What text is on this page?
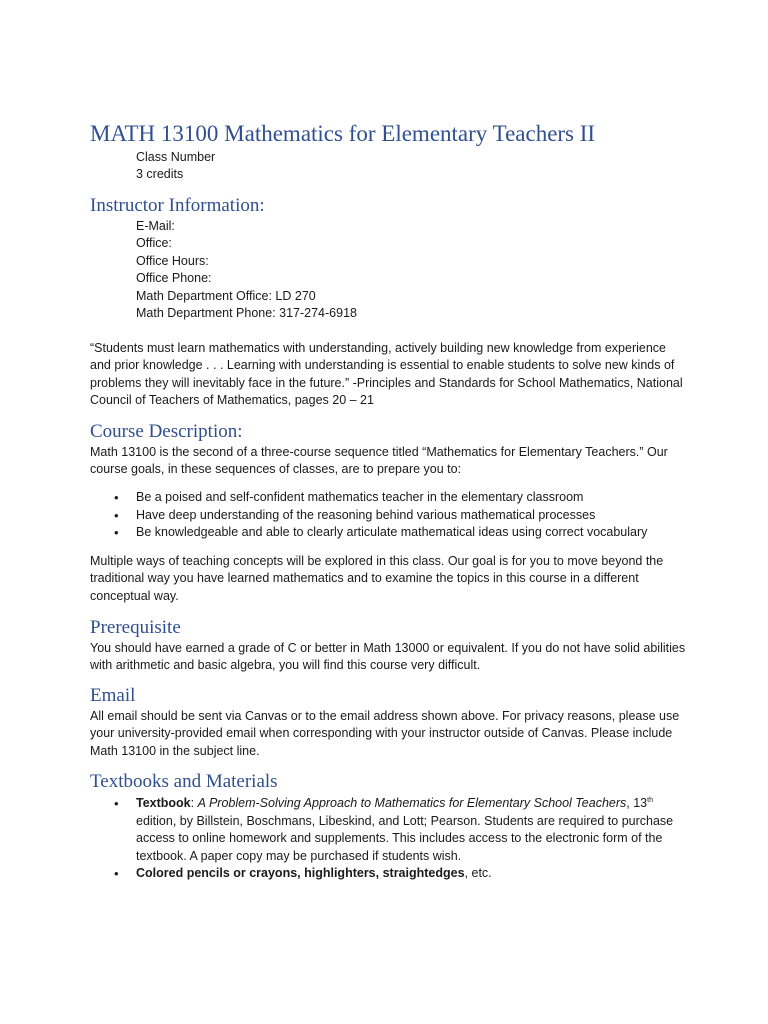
MATH 13100 Mathematics for Elementary Teachers II
Class Number
3 credits
Instructor Information:
E-Mail:
Office:
Office Hours:
Office Phone:
Math Department Office: LD 270
Math Department Phone: 317-274-6918

“Students must learn mathematics with understanding, actively building new knowledge from experience and prior knowledge . . . Learning with understanding is essential to enable students to solve new kinds of problems they will inevitably face in the future.” -Principles and Standards for School Mathematics, National Council of Teachers of Mathematics, pages 20 – 21

Course Description:

Math 13100 is the second of a three-course sequence titled “Mathematics for Elementary Teachers.” Our course goals, in these sequences of classes, are to prepare you to:

• Be a poised and self-confident mathematics teacher in the elementary classroom
• Have deep understanding of the reasoning behind various mathematical processes
• Be knowledgeable and able to clearly articulate mathematical ideas using correct vocabulary

Multiple ways of teaching concepts will be explored in this class. Our goal is for you to move beyond the traditional way you have learned mathematics and to examine the topics in this course in a different conceptual way.

Prerequisite

You should have earned a grade of C or better in Math 13000 or equivalent. If you do not have solid abilities with arithmetic and basic algebra, you will find this course very difficult.

Email

All email should be sent via Canvas or to the email address shown above. For privacy reasons, please use your university-provided email when corresponding with your instructor outside of Canvas. Please include Math 13100 in the subject line.

Textbooks and Materials
• Textbook: A Problem-Solving Approach to Mathematics for Elementary School Teachers, 13th edition, by Billstein, Boschmans, Libeskind, and Lott; Pearson. Students are required to purchase access to online homework and supplements. This includes access to the electronic form of the textbook. A paper copy may be purchased if students wish.
• Colored pencils or crayons, highlighters, straightedges, etc.
